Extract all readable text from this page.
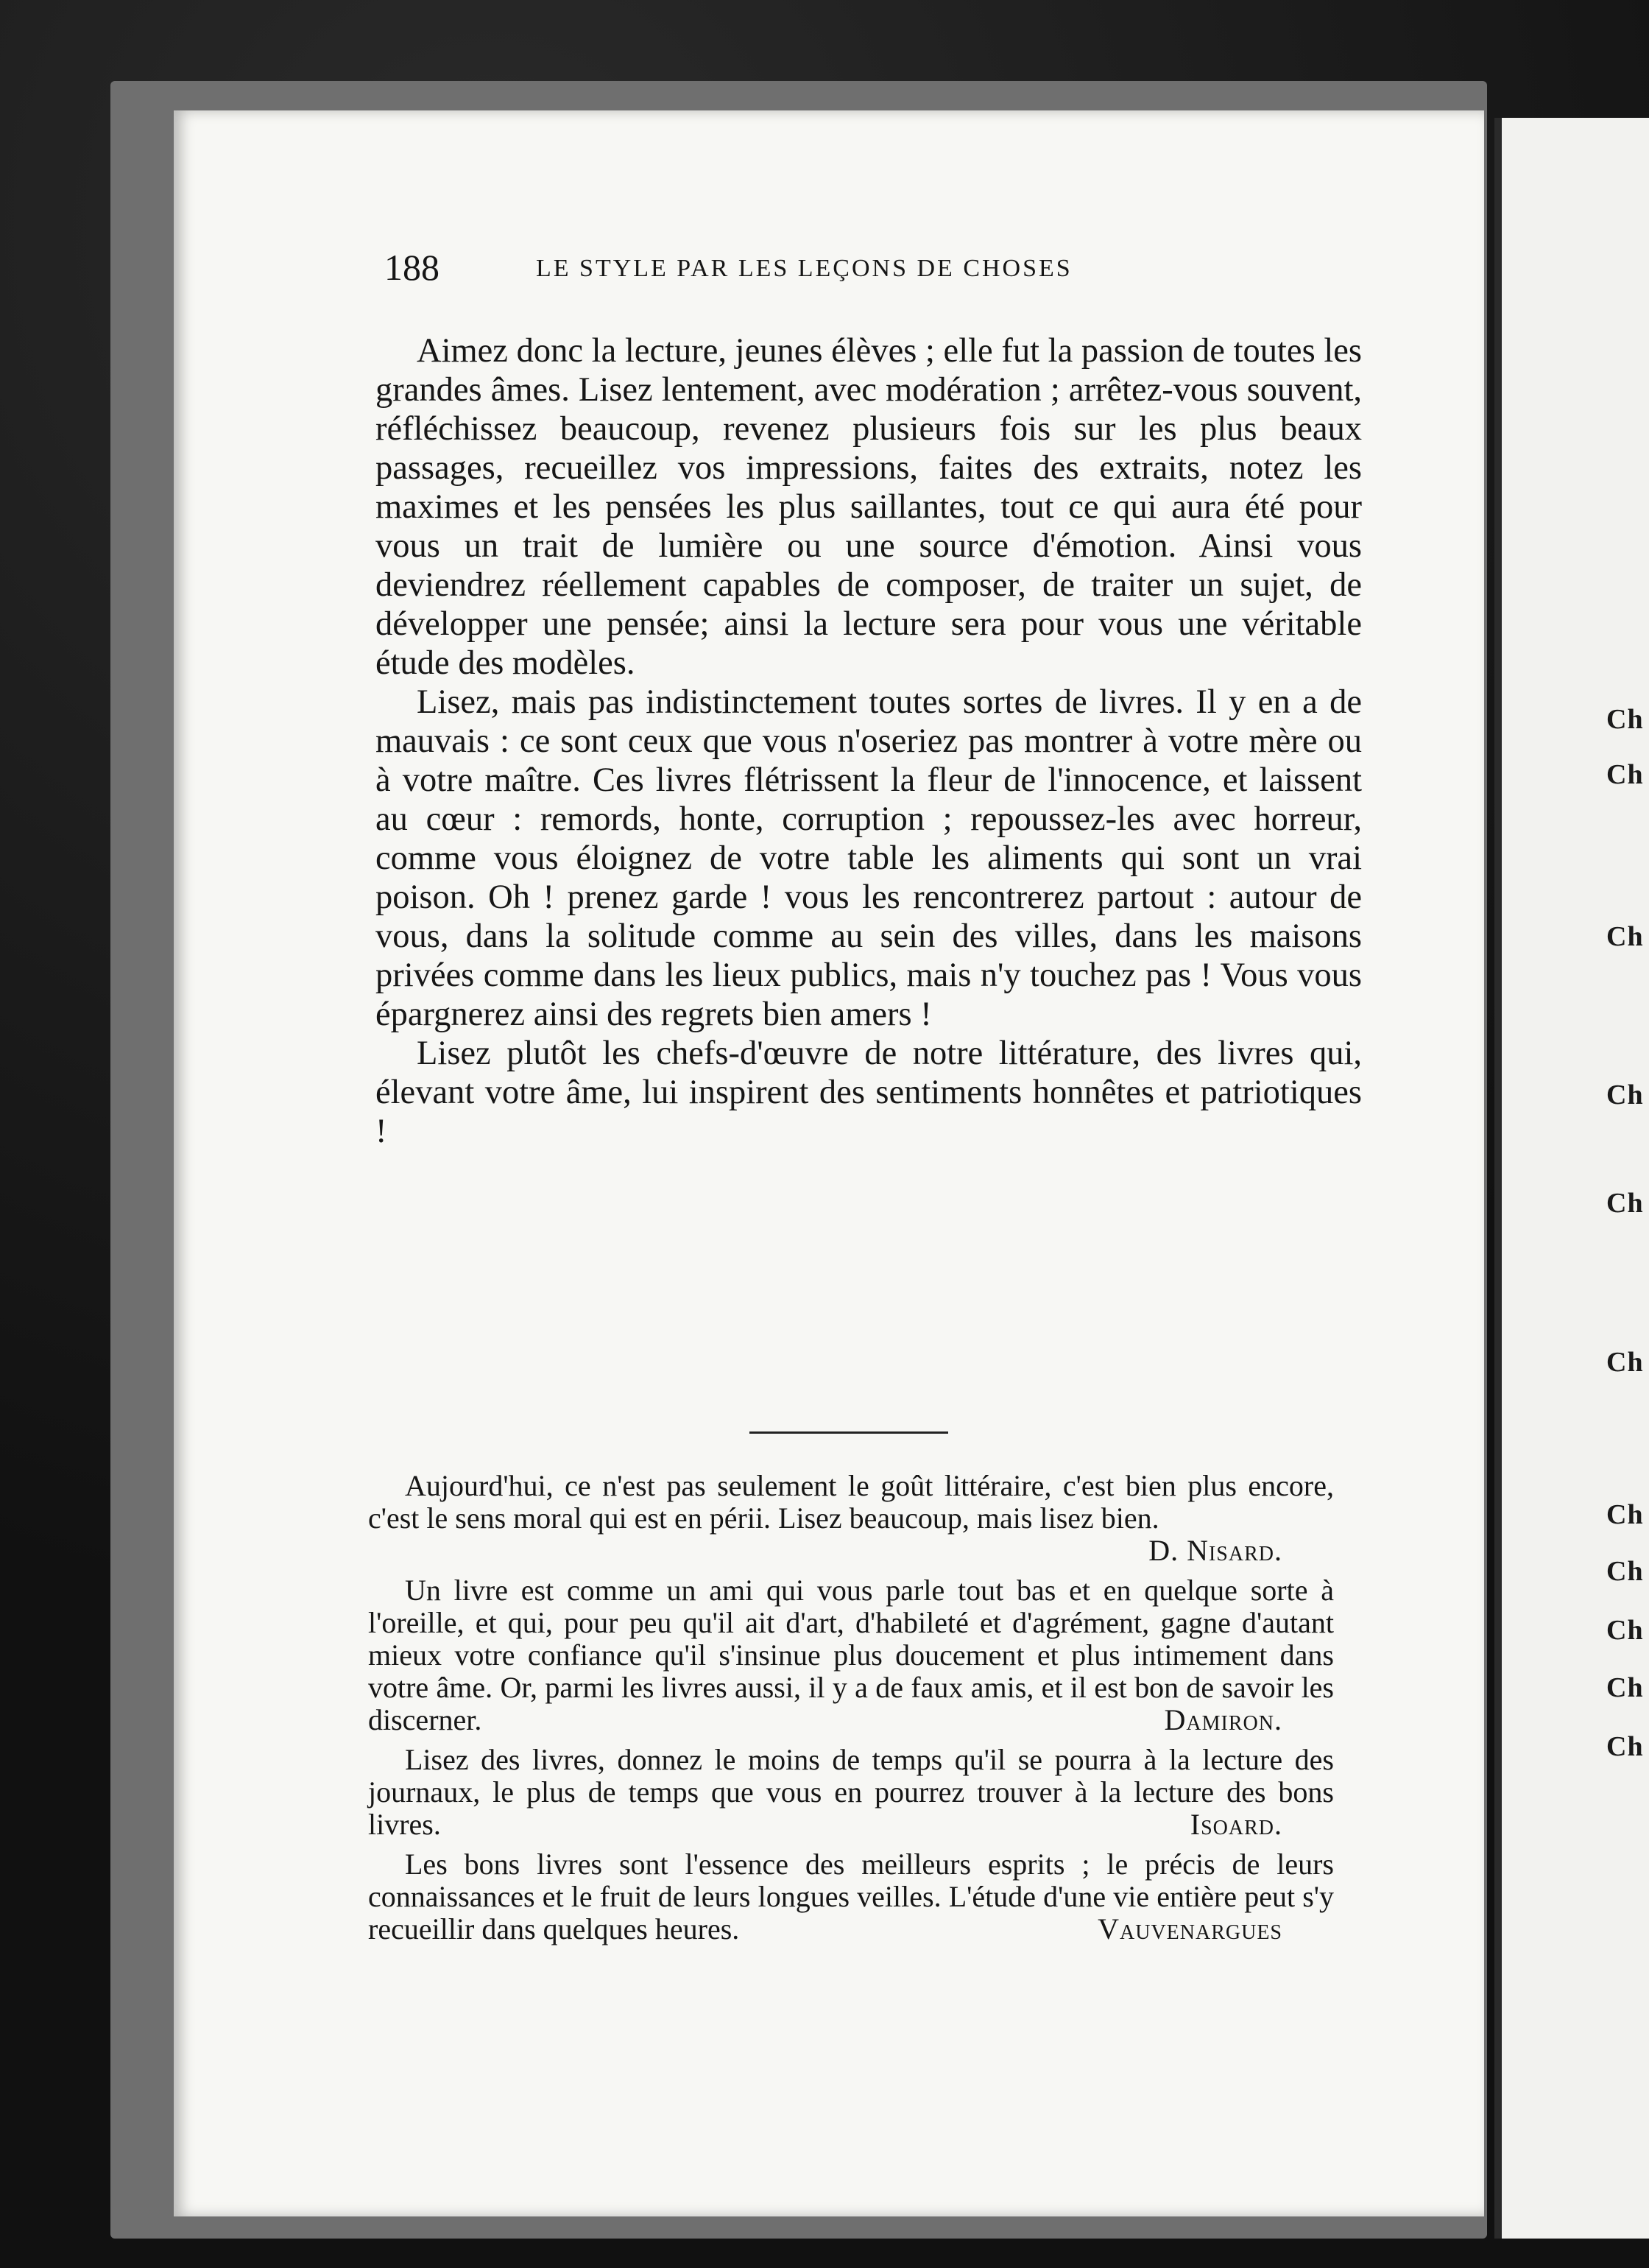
Ch
Ch
Ch
Ch
Ch
Ch
Ch
Ch
Ch
Ch
Ch
188	LE STYLE PAR LES LEÇONS DE CHOSES

Aimez donc la lecture, jeunes élèves ; elle fut la passion de toutes les grandes âmes. Lisez lentement, avec modération ; arrêtez-vous souvent, réfléchissez beaucoup, revenez plusieurs fois sur les plus beaux passages, recueillez vos impressions, faites des extraits, notez les maximes et les pensées les plus saillantes, tout ce qui aura été pour vous un trait de lumière ou une source d'émotion. Ainsi vous deviendrez réellement capables de composer, de traiter un sujet, de développer une pensée; ainsi la lecture sera pour vous une véritable étude des modèles.

Lisez, mais pas indistinctement toutes sortes de livres. Il y en a de mauvais : ce sont ceux que vous n'oseriez pas montrer à votre mère ou à votre maître. Ces livres flétrissent la fleur de l'innocence, et laissent au cœur : remords, honte, corruption ; repoussez-les avec horreur, comme vous éloignez de votre table les aliments qui sont un vrai poison. Oh ! prenez garde ! vous les rencontrerez partout : autour de vous, dans la solitude comme au sein des villes, dans les maisons privées comme dans les lieux publics, mais n'y touchez pas ! Vous vous épargnerez ainsi des regrets bien amers !

Lisez plutôt les chefs-d'œuvre de notre littérature, des livres qui, élevant votre âme, lui inspirent des sentiments honnêtes et patriotiques !

Aujourd'hui, ce n'est pas seulement le goût littéraire, c'est bien plus encore, c'est le sens moral qui est en périi. Lisez beaucoup, mais lisez bien.
D. Nisard.
Un livre est comme un ami qui vous parle tout bas et en quelque sorte à l'oreille, et qui, pour peu qu'il ait d'art, d'habileté et d'agrément, gagne d'autant mieux votre confiance qu'il s'insinue plus doucement et plus intimement dans votre âme. Or, parmi les livres aussi, il y a de faux amis, et il est bon de savoir les discerner.	Damiron.
Lisez des livres, donnez le moins de temps qu'il se pourra à la lecture des journaux, le plus de temps que vous en pourrez trouver à la lecture des bons livres.	Isoard.
Les bons livres sont l'essence des meilleurs esprits ; le précis de leurs connaissances et le fruit de leurs longues veilles. L'étude d'une vie entière peut s'y recueillir dans quelques heures.	Vauvenargues
